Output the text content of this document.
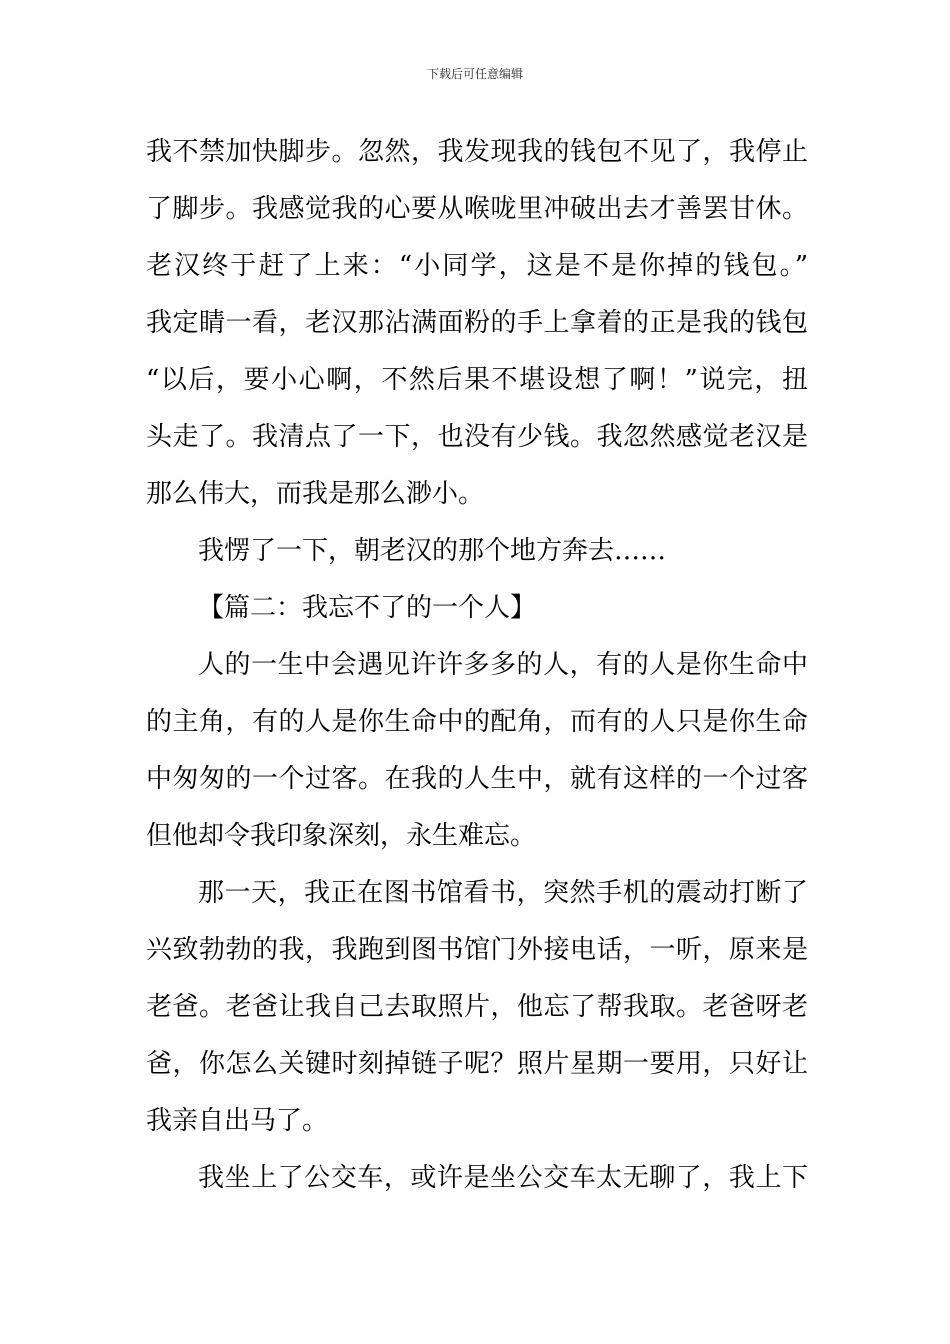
下载后可任意编辑
我不禁加快脚步。忽然，我发现我的钱包不见了，我停止
了脚步。我感觉我的心要从喉咙里冲破出去才善罢甘休。
老汉终于赶了上来：“小同学，这是不是你掉的钱包。”
我定睛一看，老汉那沾满面粉的手上拿着的正是我的钱包
“以后，要小心啊，不然后果不堪设想了啊！”说完，扭
头走了。我清点了一下，也没有少钱。我忽然感觉老汉是
那么伟大，而我是那么渺小。
我愣了一下，朝老汉的那个地方奔去……
【篇二：我忘不了的一个人】
人的一生中会遇见许许多多的人，有的人是你生命中
的主角，有的人是你生命中的配角，而有的人只是你生命
中匆匆的一个过客。在我的人生中，就有这样的一个过客
但他却令我印象深刻，永生难忘。
那一天，我正在图书馆看书，突然手机的震动打断了
兴致勃勃的我，我跑到图书馆门外接电话，一听，原来是
老爸。老爸让我自己去取照片，他忘了帮我取。老爸呀老
爸，你怎么关键时刻掉链子呢？照片星期一要用，只好让
我亲自出马了。
我坐上了公交车，或许是坐公交车太无聊了，我上下
